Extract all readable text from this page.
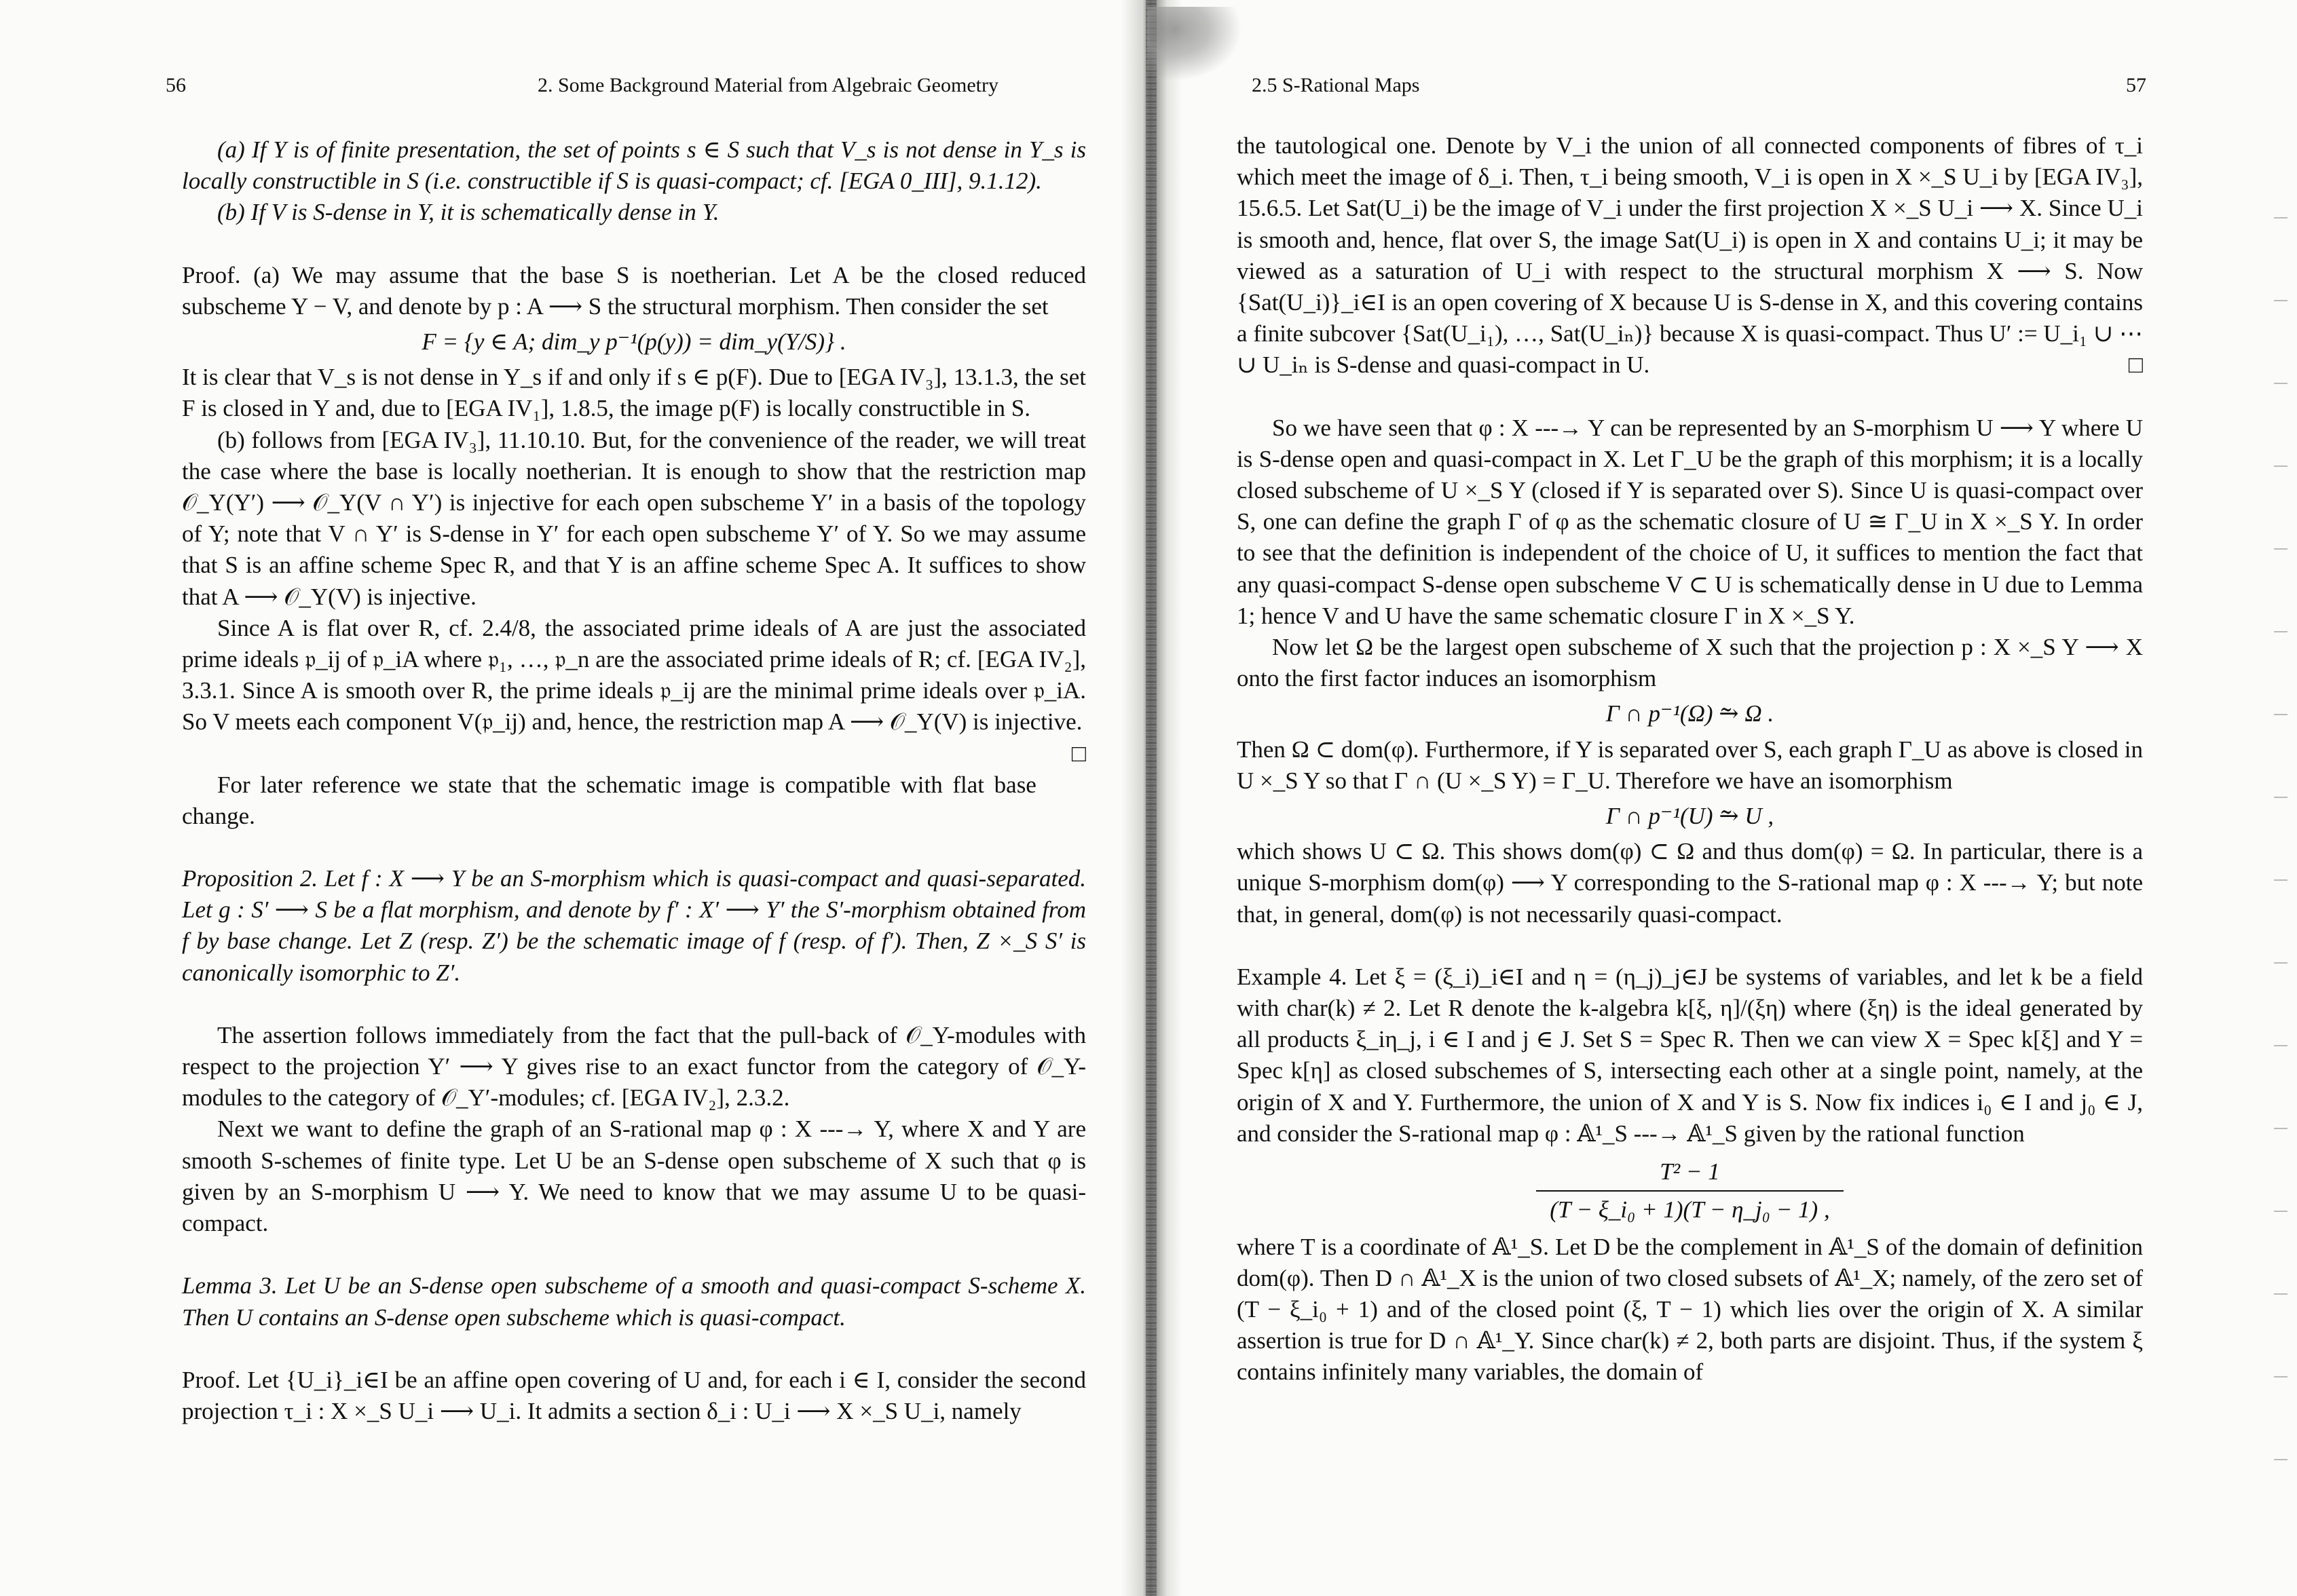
56	2. Some Background Material from Algebraic Geometry

(a) If Y is of finite presentation, the set of points s ∈ S such that V_s is not dense in Y_s is locally constructible in S (i.e. constructible if S is quasi-compact; cf. [EGA 0_III], 9.1.12).

(b) If V is S-dense in Y, it is schematically dense in Y.

Proof. (a) We may assume that the base S is noetherian. Let A be the closed reduced subscheme Y − V, and denote by p : A ⟶ S the structural morphism. Then consider the set

F = {y ∈ A; dim_y p⁻¹(p(y)) = dim_y(Y/S)} .

It is clear that V_s is not dense in Y_s if and only if s ∈ p(F). Due to [EGA IV₃], 13.1.3, the set F is closed in Y and, due to [EGA IV₁], 1.8.5, the image p(F) is locally constructible in S.

(b) follows from [EGA IV₃], 11.10.10. But, for the convenience of the reader, we will treat the case where the base is locally noetherian. It is enough to show that the restriction map 𝒪_Y(Y′) ⟶ 𝒪_Y(V ∩ Y′) is injective for each open subscheme Y′ in a basis of the topology of Y; note that V ∩ Y′ is S-dense in Y′ for each open subscheme Y′ of Y. So we may assume that S is an affine scheme Spec R, and that Y is an affine scheme Spec A. It suffices to show that A ⟶ 𝒪_Y(V) is injective.

Since A is flat over R, cf. 2.4/8, the associated prime ideals of A are just the associated prime ideals 𝔭_ij of 𝔭_iA where 𝔭₁, …, 𝔭_n are the associated prime ideals of R; cf. [EGA IV₂], 3.3.1. Since A is smooth over R, the prime ideals 𝔭_ij are the minimal prime ideals over 𝔭_iA. So V meets each component V(𝔭_ij) and, hence, the restriction map A ⟶ 𝒪_Y(V) is injective.
□

For later reference we state that the schematic image is compatible with flat base change.

Proposition 2. Let f : X ⟶ Y be an S-morphism which is quasi-compact and quasi-separated. Let g : S′ ⟶ S be a flat morphism, and denote by f′ : X′ ⟶ Y′ the S′-morphism obtained from f by base change. Let Z (resp. Z′) be the schematic image of f (resp. of f′). Then, Z ×_S S′ is canonically isomorphic to Z′.

The assertion follows immediately from the fact that the pull-back of 𝒪_Y-modules with respect to the projection Y′ ⟶ Y gives rise to an exact functor from the category of 𝒪_Y-modules to the category of 𝒪_Y′-modules; cf. [EGA IV₂], 2.3.2.

Next we want to define the graph of an S-rational map φ : X ---→ Y, where X and Y are smooth S-schemes of finite type. Let U be an S-dense open subscheme of X such that φ is given by an S-morphism U ⟶ Y. We need to know that we may assume U to be quasi-compact.

Lemma 3. Let U be an S-dense open subscheme of a smooth and quasi-compact S-scheme X. Then U contains an S-dense open subscheme which is quasi-compact.

Proof. Let {U_i}_i∈I be an affine open covering of U and, for each i ∈ I, consider the second projection τ_i : X ×_S U_i ⟶ U_i. It admits a section δ_i : U_i ⟶ X ×_S U_i, namely

2.5 S-Rational Maps	57

the tautological one. Denote by V_i the union of all connected components of fibres of τ_i which meet the image of δ_i. Then, τ_i being smooth, V_i is open in X ×_S U_i by [EGA IV₃], 15.6.5. Let Sat(U_i) be the image of V_i under the first projection X ×_S U_i ⟶ X. Since U_i is smooth and, hence, flat over S, the image Sat(U_i) is open in X and contains U_i; it may be viewed as a saturation of U_i with respect to the structural morphism X ⟶ S. Now {Sat(U_i)}_i∈I is an open covering of X because U is S-dense in X, and this covering contains a finite subcover {Sat(U_i₁), …, Sat(U_iₙ)} because X is quasi-compact. Thus U′ := U_i₁ ∪ ⋯ ∪ U_iₙ is S-dense and quasi-compact in U.	□

So we have seen that φ : X ---→ Y can be represented by an S-morphism U ⟶ Y where U is S-dense open and quasi-compact in X. Let Γ_U be the graph of this morphism; it is a locally closed subscheme of U ×_S Y (closed if Y is separated over S). Since U is quasi-compact over S, one can define the graph Γ of φ as the schematic closure of U ≅ Γ_U in X ×_S Y. In order to see that the definition is independent of the choice of U, it suffices to mention the fact that any quasi-compact S-dense open subscheme V ⊂ U is schematically dense in U due to Lemma 1; hence V and U have the same schematic closure Γ in X ×_S Y.

Now let Ω be the largest open subscheme of X such that the projection p : X ×_S Y ⟶ X onto the first factor induces an isomorphism

Γ ∩ p⁻¹(Ω) ⥲ Ω .

Then Ω ⊂ dom(φ). Furthermore, if Y is separated over S, each graph Γ_U as above is closed in U ×_S Y so that Γ ∩ (U ×_S Y) = Γ_U. Therefore we have an isomorphism

Γ ∩ p⁻¹(U) ⥲ U ,

which shows U ⊂ Ω. This shows dom(φ) ⊂ Ω and thus dom(φ) = Ω. In particular, there is a unique S-morphism dom(φ) ⟶ Y corresponding to the S-rational map φ : X ---→ Y; but note that, in general, dom(φ) is not necessarily quasi-compact.

Example 4. Let ξ = (ξ_i)_i∈I and η = (η_j)_j∈J be systems of variables, and let k be a field with char(k) ≠ 2. Let R denote the k-algebra k[ξ, η]/(ξη) where (ξη) is the ideal generated by all products ξ_iη_j, i ∈ I and j ∈ J. Set S = Spec R. Then we can view X = Spec k[ξ] and Y = Spec k[η] as closed subschemes of S, intersecting each other at a single point, namely, at the origin of X and Y. Furthermore, the union of X and Y is S. Now fix indices i₀ ∈ I and j₀ ∈ J, and consider the S-rational map φ : 𝔸¹_S ---→ 𝔸¹_S given by the rational function

T² − 1
(T − ξ_i₀ + 1)(T − η_j₀ − 1) ,

where T is a coordinate of 𝔸¹_S. Let D be the complement in 𝔸¹_S of the domain of definition dom(φ). Then D ∩ 𝔸¹_X is the union of two closed subsets of 𝔸¹_X; namely, of the zero set of (T − ξ_i₀ + 1) and of the closed point (ξ, T − 1) which lies over the origin of X. A similar assertion is true for D ∩ 𝔸¹_Y. Since char(k) ≠ 2, both parts are disjoint. Thus, if the system ξ contains infinitely many variables, the domain of
